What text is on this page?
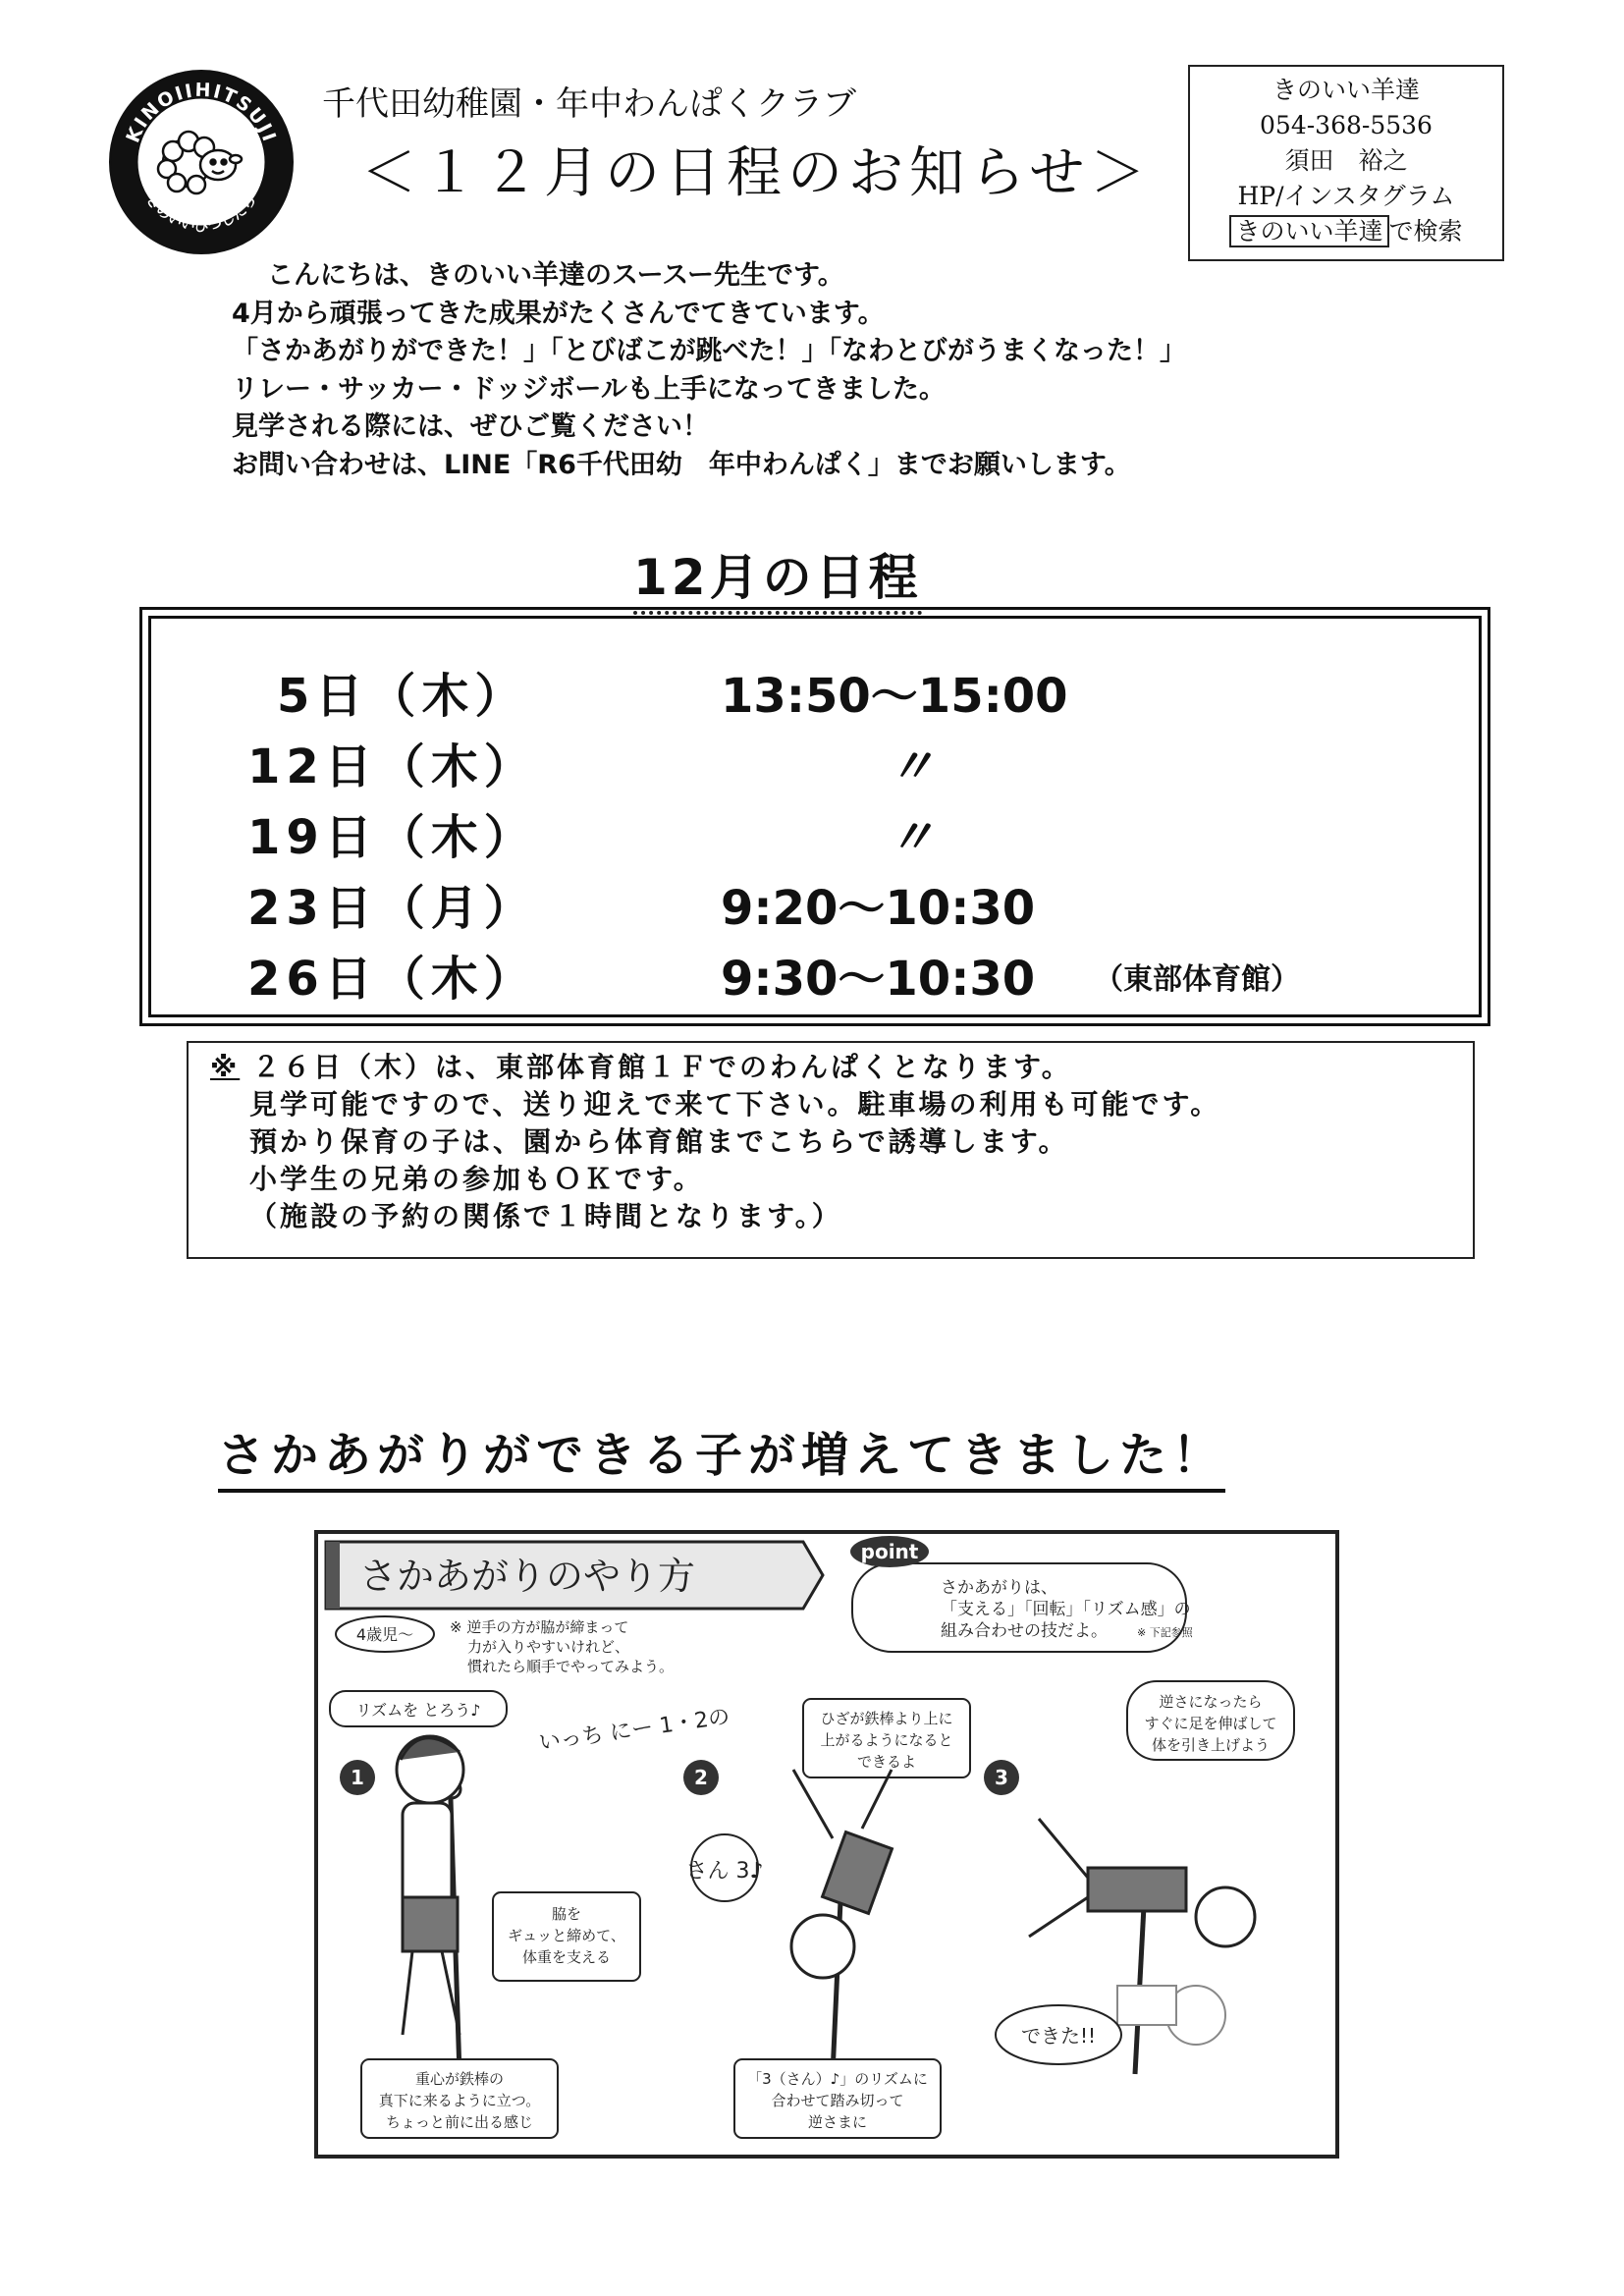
KINOIIHITSUJI
きのいいひつじたち
千代田幼稚園・年中わんぱくクラブ
＜１２月の日程のお知らせ＞
きのいい羊達
054-368-5536
須田　裕之
HP/インスタグラム
きのいい羊達 で検索
こんにちは、きのいい羊達のスースー先生です。
4月から頑張ってきた成果がたくさんでてきています。
「さかあがりができた！」「とびばこが跳べた！」「なわとびがうまくなった！」
リレー・サッカー・ドッジボールも上手になってきました。
見学される際には、ぜひご覧ください！
お問い合わせは、LINE「R6千代田幼　年中わんぱく」までお願いします。
12月の日程
5日（木）	13:50〜15:00
12日（木）	〃
19日（木）	〃
23日（月）	9:20〜10:30
26日（木）	9:30〜10:30 （東部体育館）
※ ２６日（木）は、東部体育館１Ｆでのわんぱくとなります。
見学可能ですので、送り迎えで来て下さい。駐車場の利用も可能です。
預かり保育の子は、園から体育館までこちらで誘導します。
小学生の兄弟の参加もＯＫです。
（施設の予約の関係で１時間となります。）
さかあがりができる子が増えてきました！
さかあがりのやり方
point
さかあがりは、
「支える」「回転」「リズム感」の
組み合わせの技だよ。	※ 下記参照
4歳児〜 ※ 逆手の方が脇が締まって
力が入りやすいけれど、
慣れたら順手でやってみよう。
リズムを とろう♪
1
いっち にー 1・2の
脇を
ギュッと締めて、
体重を支える
重心が鉄棒の
真下に来るように立つ。
ちょっと前に出る感じ
2
ひざが鉄棒より上に
上がるようになると
できるよ
さん 3♪
「3（さん）♪」のリズムに
合わせて踏み切って
逆さまに
3
逆さになったら
すぐに足を伸ばして
体を引き上げよう
できた!!
